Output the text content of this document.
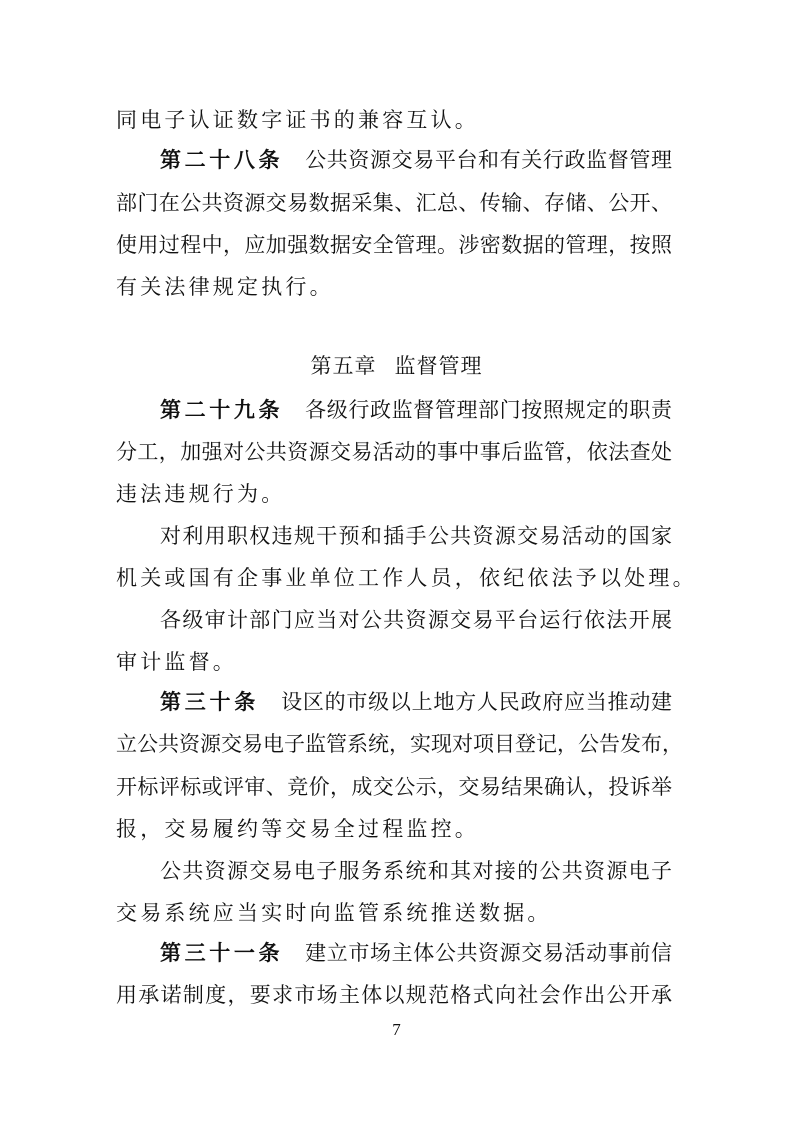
同电子认证数字证书的兼容互认。
第二十八条 公共资源交易平台和有关行政监督管理
部门在公共资源交易数据采集、汇总、传输、存储、公开、
使用过程中，应加强数据安全管理。涉密数据的管理，按照
有关法律规定执行。
第五章 监督管理
第二十九条 各级行政监督管理部门按照规定的职责
分工，加强对公共资源交易活动的事中事后监管，依法查处
违法违规行为。
对利用职权违规干预和插手公共资源交易活动的国家
机关或国有企事业单位工作人员，依纪依法予以处理。
各级审计部门应当对公共资源交易平台运行依法开展
审计监督。
第三十条 设区的市级以上地方人民政府应当推动建
立公共资源交易电子监管系统，实现对项目登记，公告发布，
开标评标或评审、竞价，成交公示，交易结果确认，投诉举
报，交易履约等交易全过程监控。
公共资源交易电子服务系统和其对接的公共资源电子
交易系统应当实时向监管系统推送数据。
第三十一条 建立市场主体公共资源交易活动事前信
用承诺制度，要求市场主体以规范格式向社会作出公开承
7
